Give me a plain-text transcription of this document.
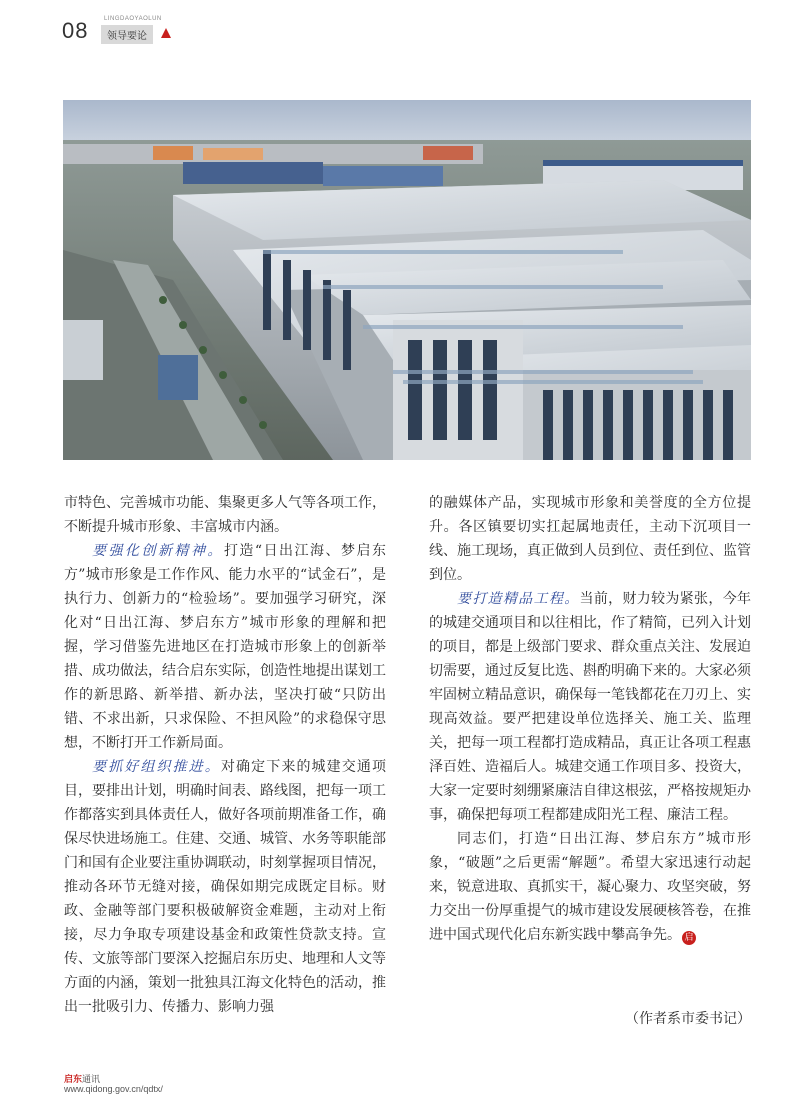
08	LINGDAOYAOLUN
领导要论

市特色、完善城市功能、集聚更多人气等各项工作，不断提升城市形象、丰富城市内涵。

要强化创新精神。打造“日出江海、梦启东方”城市形象是工作作风、能力水平的“试金石”，是执行力、创新力的“检验场”。要加强学习研究，深化对“日出江海、梦启东方”城市形象的理解和把握，学习借鉴先进地区在打造城市形象上的创新举措、成功做法，结合启东实际，创造性地提出谋划工作的新思路、新举措、新办法，坚决打破“只防出错、不求出新，只求保险、不担风险”的求稳保守思想，不断打开工作新局面。

要抓好组织推进。对确定下来的城建交通项目，要排出计划，明确时间表、路线图，把每一项工作都落实到具体责任人，做好各项前期准备工作，确保尽快进场施工。住建、交通、城管、水务等职能部门和国有企业要注重协调联动，时刻掌握项目情况，推动各环节无缝对接，确保如期完成既定目标。财政、金融等部门要积极破解资金难题，主动对上衔接，尽力争取专项建设基金和政策性贷款支持。宣传、文旅等部门要深入挖掘启东历史、地理和人文等方面的内涵，策划一批独具江海文化特色的活动，推出一批吸引力、传播力、影响力强

的融媒体产品，实现城市形象和美誉度的全方位提升。各区镇要切实扛起属地责任，主动下沉项目一线、施工现场，真正做到人员到位、责任到位、监管到位。

要打造精品工程。当前，财力较为紧张，今年的城建交通项目和以往相比，作了精简，已列入计划的项目，都是上级部门要求、群众重点关注、发展迫切需要，通过反复比选、斟酌明确下来的。大家必须牢固树立精品意识，确保每一笔钱都花在刀刃上、实现高效益。要严把建设单位选择关、施工关、监理关，把每一项工程都打造成精品，真正让各项工程惠泽百姓、造福后人。城建交通工作项目多、投资大，大家一定要时刻绷紧廉洁自律这根弦，严格按规矩办事，确保把每项工程都建成阳光工程、廉洁工程。

同志们，打造“日出江海、梦启东方”城市形象，“破题”之后更需“解题”。希望大家迅速行动起来，锐意进取、真抓实干，凝心聚力、攻坚突破，努力交出一份厚重提气的城市建设发展硬核答卷，在推进中国式现代化启东新实践中攀高争先。 启

（作者系市委书记）
启东通讯
www.qidong.gov.cn/qdtx/
